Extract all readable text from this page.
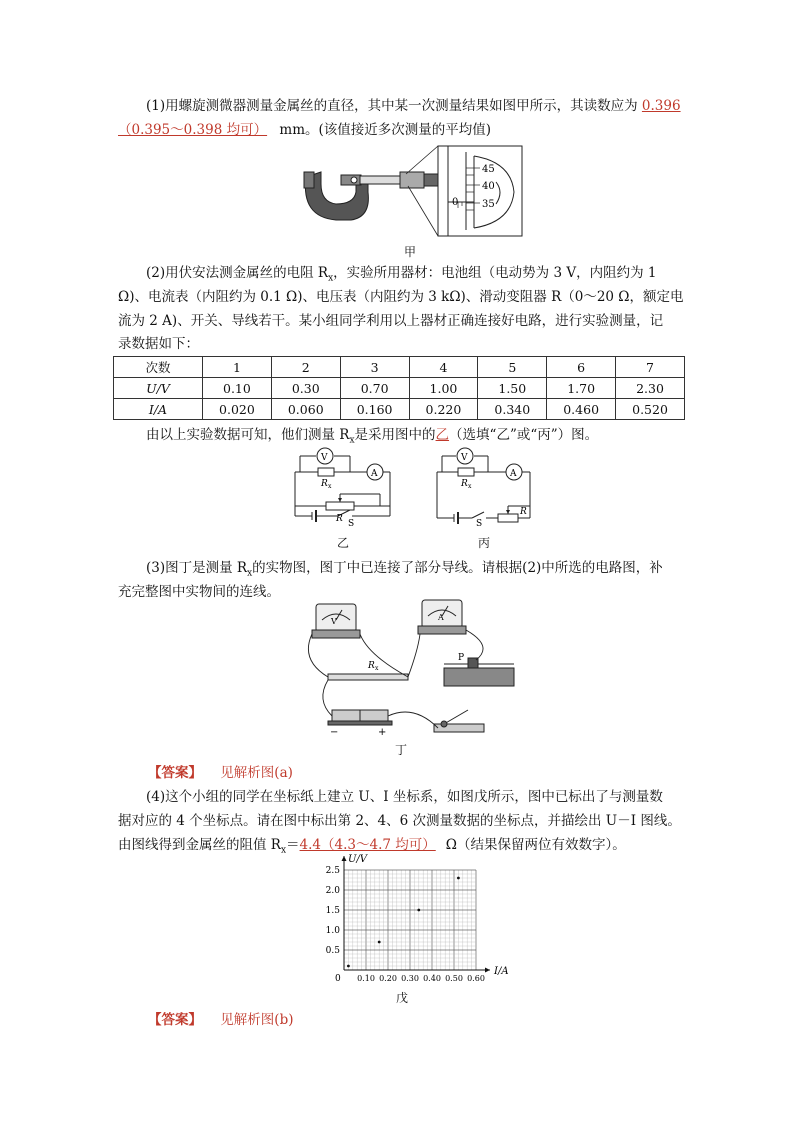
(1)用螺旋测微器测量金属丝的直径，其中某一次测量结果如图甲所示，其读数应为 0.396
（0.395～0.398 均可） mm。(该值接近多次测量的平均值)
45
40
35
0
甲
(2)用伏安法测金属丝的电阻 $R_x$，实验所用器材：电池组（电动势为 3 V，内阻约为 1
Ω)、电流表（内阻约为 0.1 Ω)、电压表（内阻约为 3 kΩ)、滑动变阻器 R（0～20 Ω，额定电
流为 2 A)、开关、导线若干。某小组同学利用以上器材正确连接好电路，进行实验测量，记
录数据如下：
次数	1	2	3	4	5	6	7
U/V	0.10	0.30	0.70	1.00	1.50	1.70	2.30
I/A	0.020	0.060	0.160	0.220	0.340	0.460	0.520
由以上实验数据可知，他们测量 $R_x$是采用图中的乙（选填“乙”或“丙”）图。
V
A
R x
R S
乙
V
A
R x
S
R
丙
(3)图丁是测量 $R_x$的实物图，图丁中已连接了部分导线。请根据(2)中所选的电路图，补
充完整图中实物间的连线。
R x
P
−	+
V	A
丁
【答案】 见解析图(a)
(4)这个小组的同学在坐标纸上建立 U、I 坐标系，如图戊所示，图中已标出了与测量数
据对应的 4 个坐标点。请在图中标出第 2、4、6 次测量数据的坐标点，并描绘出 U－I 图线。
由图线得到金属丝的阻值 $R_x=4.4(4.3\sim 4.7$ 均可） Ω（结果保留两位有效数字）。
I/A
U/V
0 0.10 0.20 0.30 0.40 0.50 0.60
0.5
1.0
1.5
2.0
2.5
戊
【答案】 见解析图(b)
